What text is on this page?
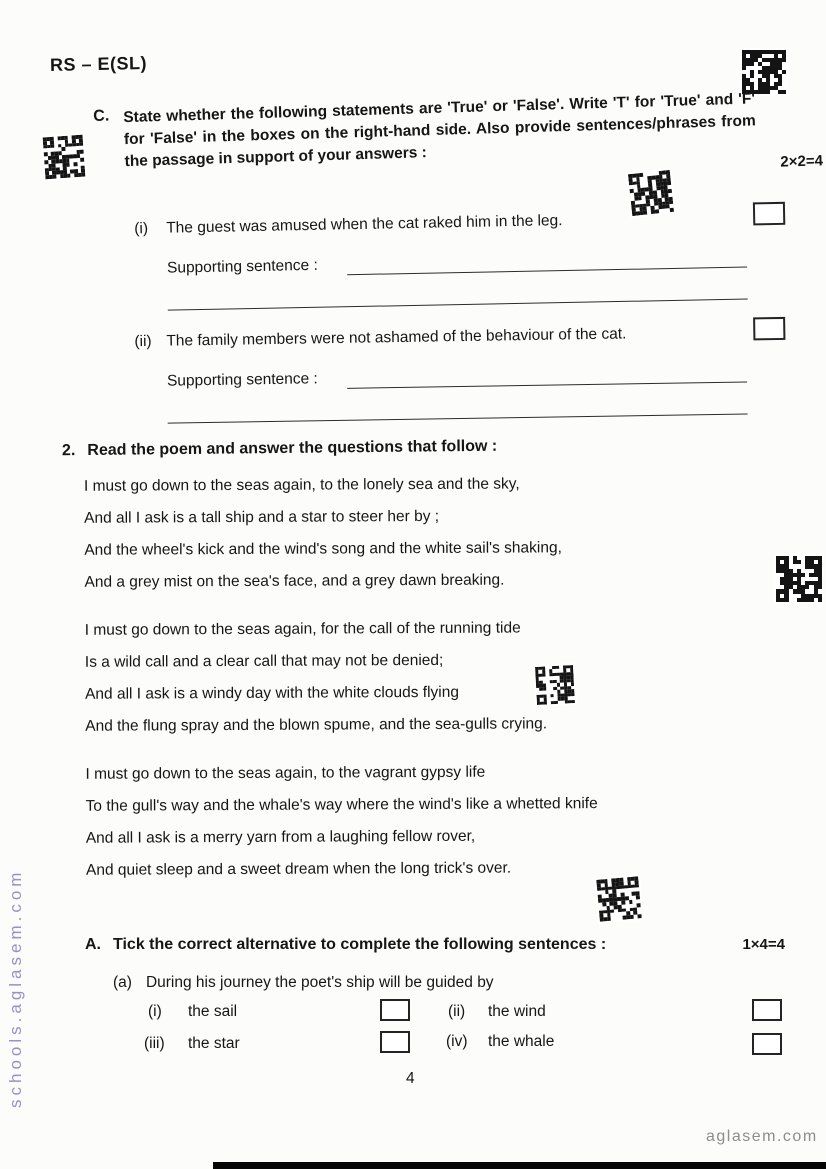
RS – E(SL)
C. State whether the following statements are 'True' or 'False'. Write 'T' for 'True' and 'F' for 'False' in the boxes on the right-hand side. Also provide sentences/phrases from the passage in support of your answers :	2×2=4
(i) The guest was amused when the cat raked him in the leg.
Supporting sentence :
(ii) The family members were not ashamed of the behaviour of the cat.
Supporting sentence :
2. Read the poem and answer the questions that follow :

I must go down to the seas again, to the lonely sea and the sky,

And all I ask is a tall ship and a star to steer her by ;

And the wheel's kick and the wind's song and the white sail's shaking,

And a grey mist on the sea's face, and a grey dawn breaking.

I must go down to the seas again, for the call of the running tide

Is a wild call and a clear call that may not be denied;

And all I ask is a windy day with the white clouds flying

And the flung spray and the blown spume, and the sea-gulls crying.

I must go down to the seas again, to the vagrant gypsy life

To the gull's way and the whale's way where the wind's like a whetted knife

And all I ask is a merry yarn from a laughing fellow rover,

And quiet sleep and a sweet dream when the long trick's over.

A. Tick the correct alternative to complete the following sentences :	1×4=4
(a) During his journey the poet's ship will be guided by
(i) the sail	(ii) the wind
(iii) the star	(iv) the whale
4
schools.aglasem.com
aglasem.com
